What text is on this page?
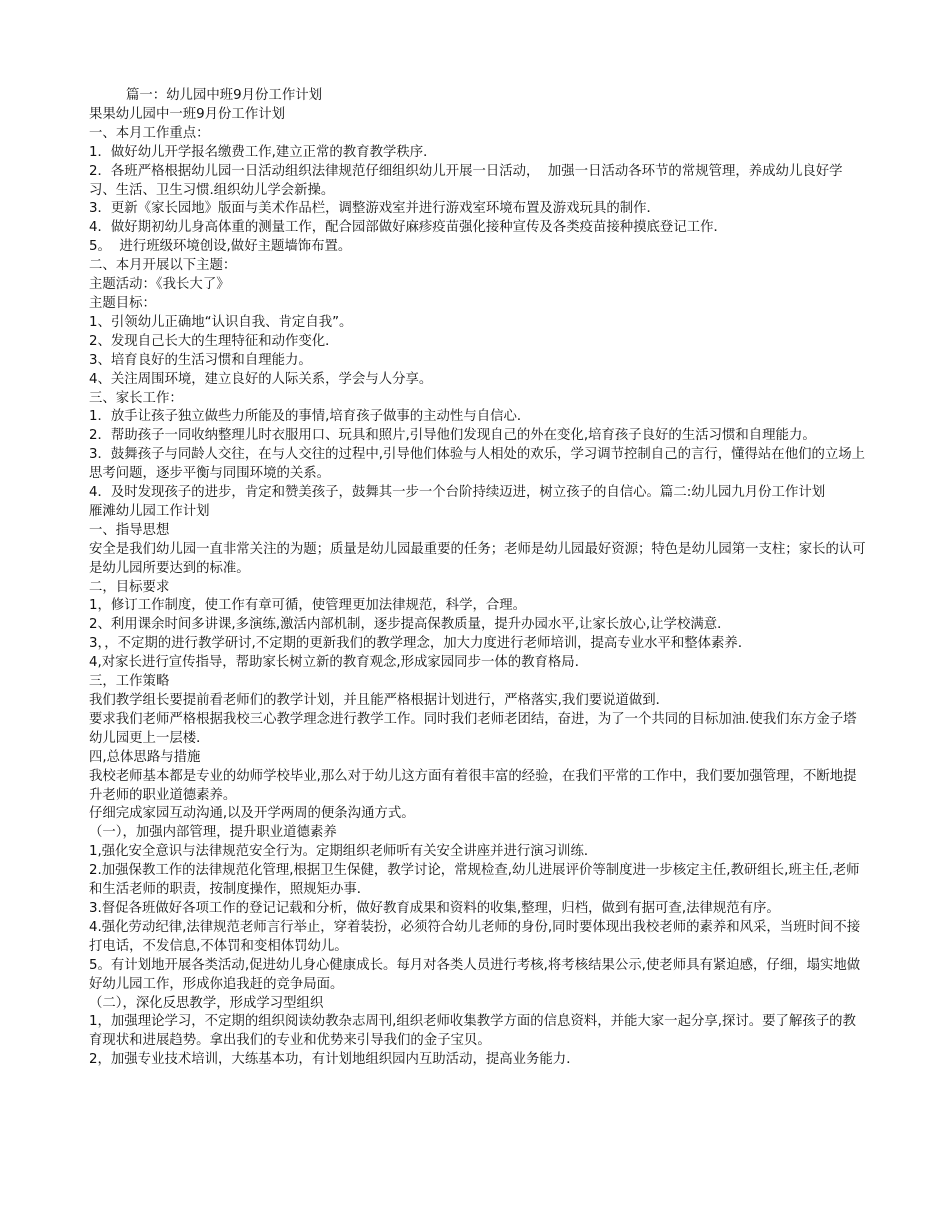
篇一：幼儿园中班9月份工作计划

果果幼儿园中一班9月份工作计划

一、本月工作重点：

1．做好幼儿开学报名缴费工作,建立正常的教育教学秩序．

2．各班严格根据幼儿园一日活动组织法律规范仔细组织幼儿开展一日活动，  加强一日活动各环节的常规管理，养成幼儿良好学习、生活、卫生习惯.组织幼儿学会新操。

3．更新《家长园地》版面与美术作品栏，调整游戏室并进行游戏室环境布置及游戏玩具的制作．

4．做好期初幼儿身高体重的测量工作，配合园部做好麻疹疫苗强化接种宣传及各类疫苗接种摸底登记工作．

5。  进行班级环境创设,做好主题墙饰布置。

二、本月开展以下主题：

主题活动：《我长大了》

主题目标：

1、引领幼儿正确地“认识自我、肯定自我”。

2、发现自己长大的生理特征和动作变化．

3、培育良好的生活习惯和自理能力。

4、关注周围环境，建立良好的人际关系，学会与人分享。

三、家长工作：

1．放手让孩子独立做些力所能及的事情,培育孩子做事的主动性与自信心．

2．帮助孩子一同收纳整理儿时衣服用口、玩具和照片,引导他们发现自己的外在变化,培育孩子良好的生活习惯和自理能力。

3．鼓舞孩子与同龄人交往，在与人交往的过程中,引导他们体验与人相处的欢乐，学习调节控制自己的言行，懂得站在他们的立场上思考问题，逐步平衡与同围环境的关系。

4．及时发现孩子的进步，肯定和赞美孩子，鼓舞其一步一个台阶持续迈进，树立孩子的自信心。篇二:幼儿园九月份工作计划

雁滩幼儿园工作计划

一、指导思想

安全是我们幼儿园一直非常关注的为题；质量是幼儿园最重要的任务；老师是幼儿园最好资源；特色是幼儿园第一支柱；家长的认可是幼儿园所要达到的标准。

二，目标要求

1，修订工作制度，使工作有章可循，使管理更加法律规范，科学，合理。

2、利用课余时间多讲课,多演练,激活内部机制，逐步提高保教质量，提升办园水平,让家长放心,让学校满意．

3，，不定期的进行教学研讨,不定期的更新我们的教学理念，加大力度进行老师培训，提高专业水平和整体素养．

4,对家长进行宣传指导，帮助家长树立新的教育观念,形成家园同步一体的教育格局．

三，工作策略

我们教学组长要提前看老师们的教学计划，并且能严格根据计划进行，严格落实,我们要说道做到．

要求我们老师严格根据我校三心教学理念进行教学工作。同时我们老师老团结，奋进，为了一个共同的目标加油.使我们东方金子塔幼儿园更上一层楼．

四,总体思路与措施

我校老师基本都是专业的幼师学校毕业,那么对于幼儿这方面有着很丰富的经验，在我们平常的工作中，我们要加强管理，不断地提升老师的职业道德素养。

仔细完成家园互动沟通,以及开学两周的便条沟通方式。

（一），加强内部管理，提升职业道德素养

1,强化安全意识与法律规范安全行为。定期组织老师听有关安全讲座并进行演习训练．

2.加强保教工作的法律规范化管理,根据卫生保健，教学讨论，常规检查,幼儿进展评价等制度进一步核定主任,教研组长,班主任,老师和生活老师的职责，按制度操作，照规矩办事．

3.督促各班做好各项工作的登记记载和分析，做好教育成果和资料的收集,整理，归档，做到有据可查,法律规范有序。

4.强化劳动纪律,法律规范老师言行举止，穿着装扮，必须符合幼儿老师的身份,同时要体现出我校老师的素养和风采，当班时间不接打电话，不发信息,不体罚和变相体罚幼儿。

5。有计划地开展各类活动,促进幼儿身心健康成长。每月对各类人员进行考核,将考核结果公示,使老师具有紧迫感，仔细，塌实地做好幼儿园工作，形成你追我赶的竞争局面。

（二），深化反思教学，形成学习型组织

1，加强理论学习，不定期的组织阅读幼教杂志周刊,组织老师收集教学方面的信息资料，并能大家一起分享,探讨。要了解孩子的教育现状和进展趋势。拿出我们的专业和优势来引导我们的金子宝贝。

2，加强专业技术培训，大练基本功，有计划地组织园内互助活动，提高业务能力．
